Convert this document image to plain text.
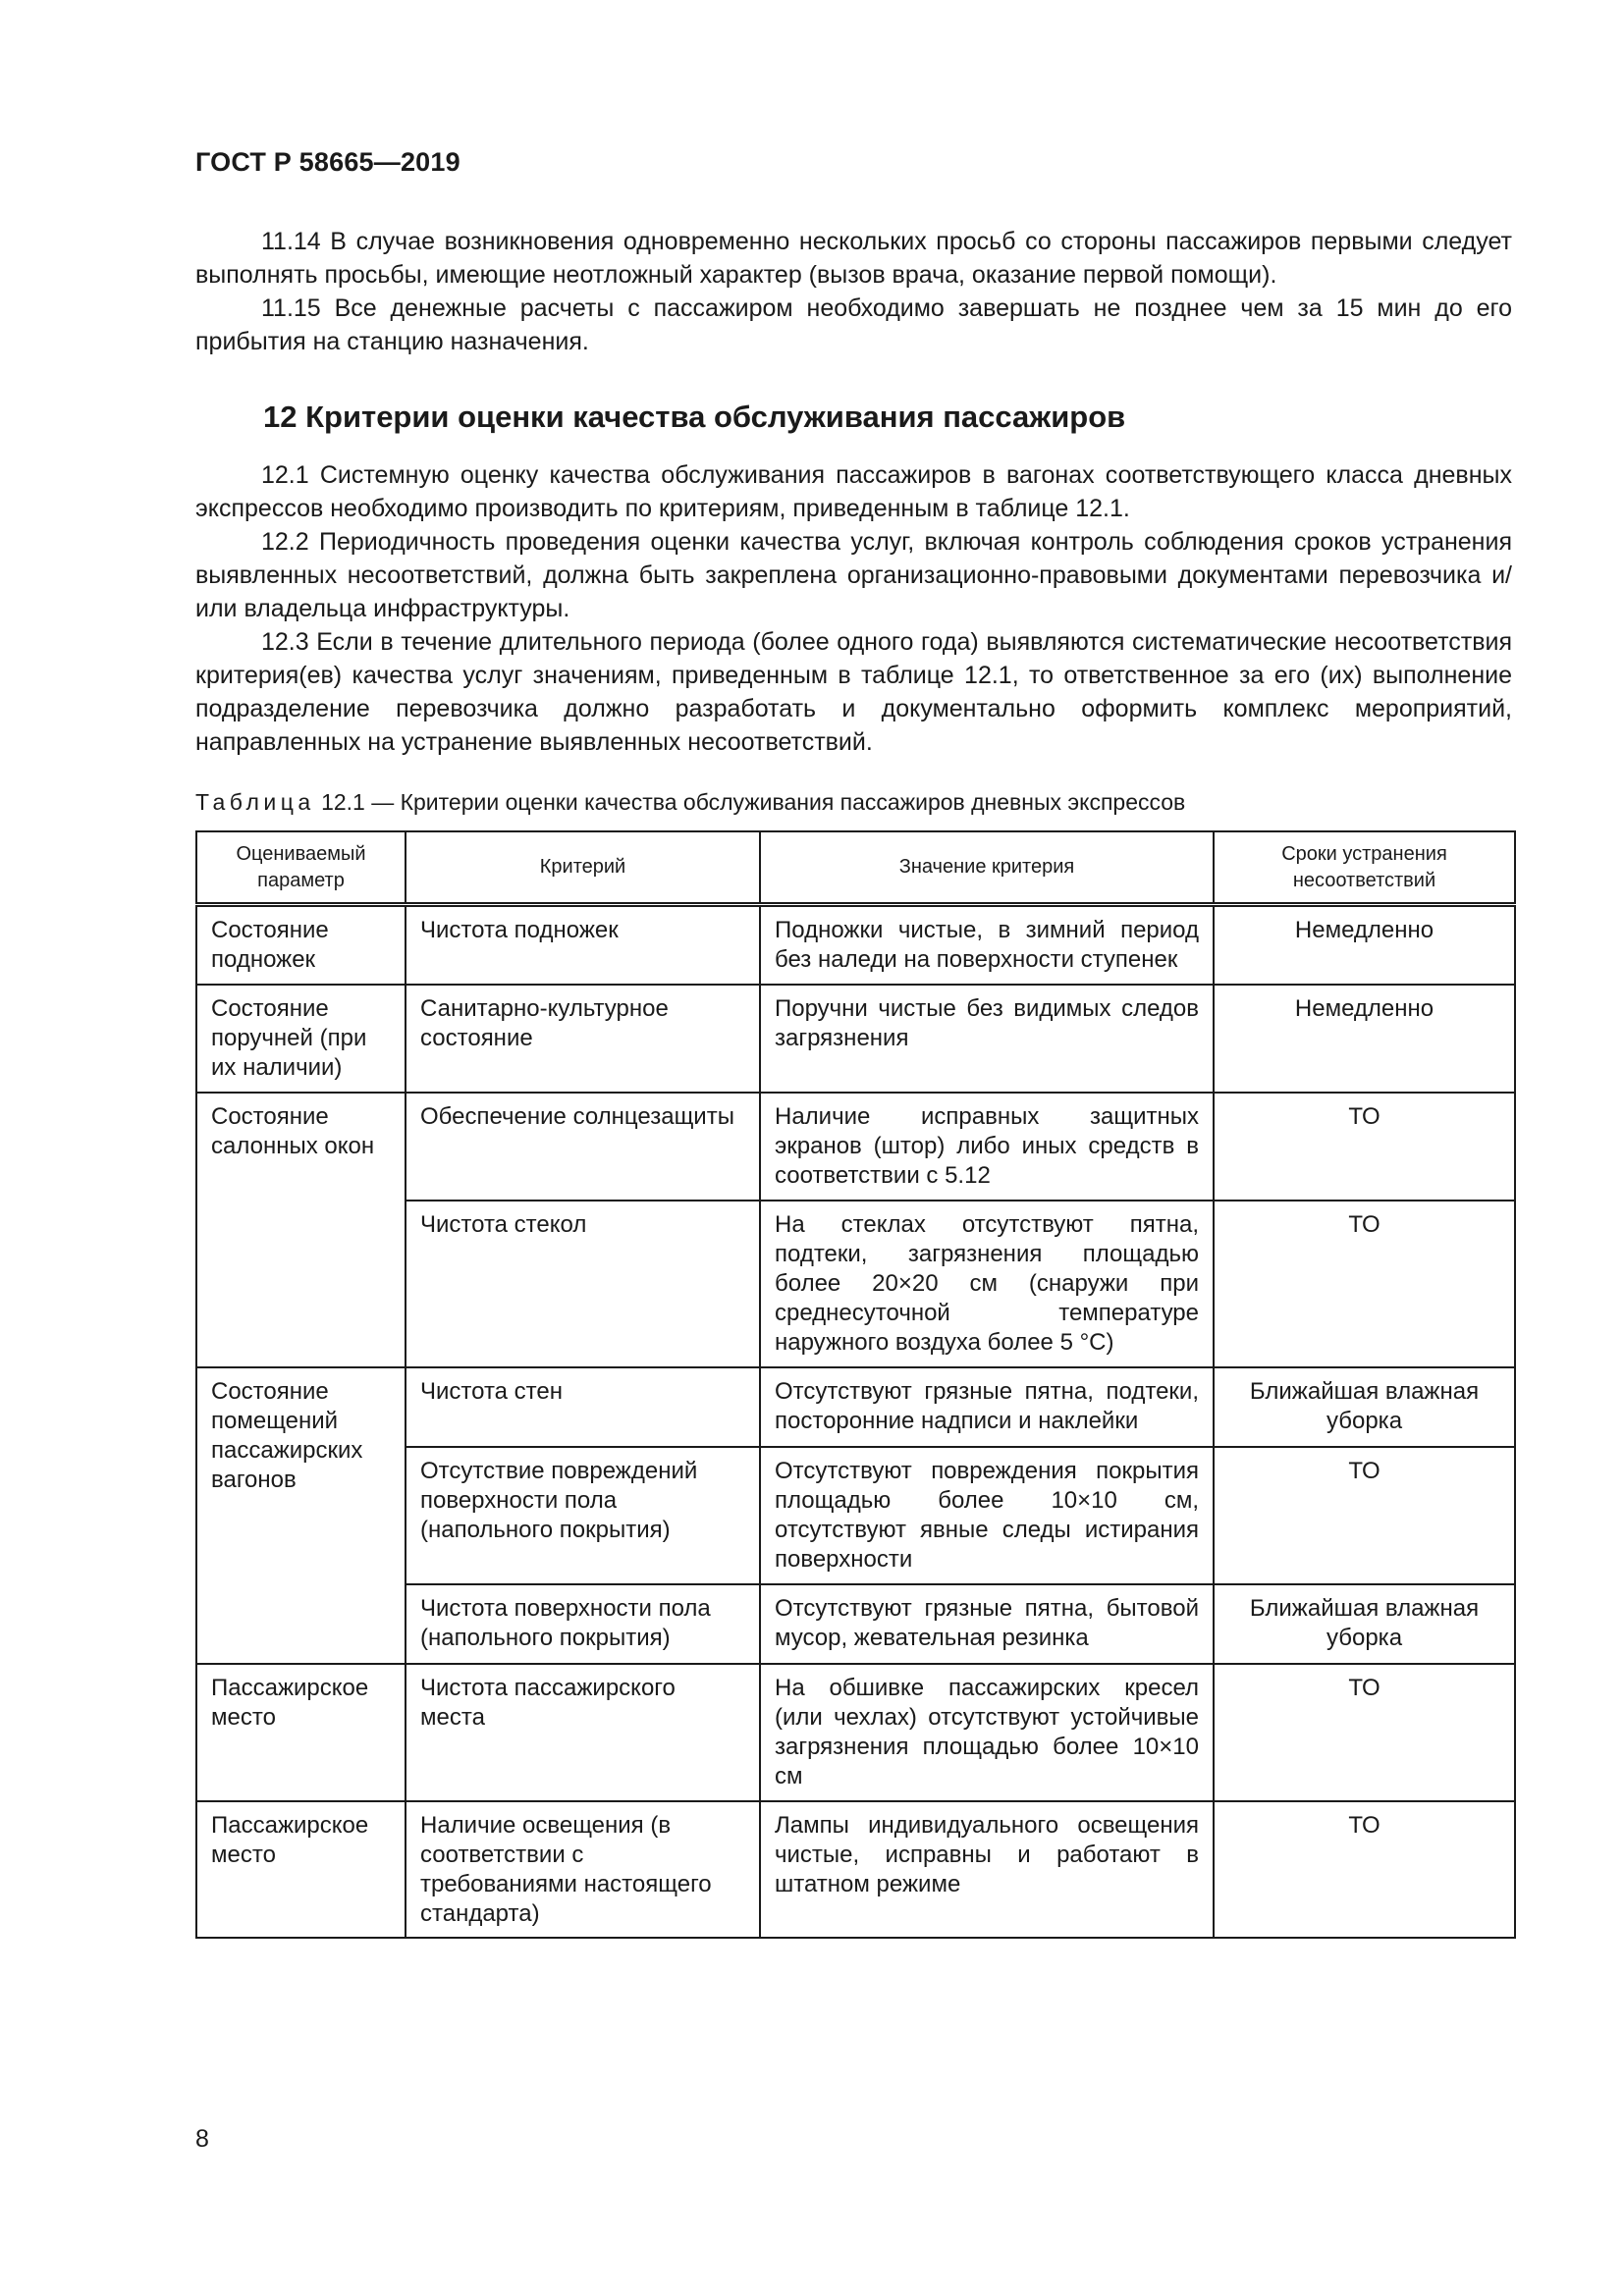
ГОСТ Р 58665—2019

11.14 В случае возникновения одновременно нескольких просьб со стороны пассажиров первыми следует выполнять просьбы, имеющие неотложный характер (вызов врача, оказание первой помощи).

11.15 Все денежные расчеты с пассажиром необходимо завершать не позднее чем за 15 мин до его прибытия на станцию назначения.

12 Критерии оценки качества обслуживания пассажиров

12.1 Системную оценку качества обслуживания пассажиров в вагонах соответствующего класса дневных экспрессов необходимо производить по критериям, приведенным в таблице 12.1.

12.2 Периодичность проведения оценки качества услуг, включая контроль соблюдения сроков устранения выявленных несоответствий, должна быть закреплена организационно-правовыми документами перевозчика и/или владельца инфраструктуры.

12.3 Если в течение длительного периода (более одного года) выявляются систематические несоответствия критерия(ев) качества услуг значениям, приведенным в таблице 12.1, то ответственное за его (их) выполнение подразделение перевозчика должно разработать и документально оформить комплекс мероприятий, направленных на устранение выявленных несоответствий.

Таблица 12.1 — Критерии оценки качества обслуживания пассажиров дневных экспрессов
Оцениваемый параметр	Критерий	Значение критерия	Сроки устранения несоответствий
Состояние подножек	Чистота подножек	Подножки чистые, в зимний период без наледи на поверхности ступенек	Немедленно
Состояние поручней (при их наличии)	Санитарно-культурное состояние	Поручни чистые без видимых следов загрязнения	Немедленно
Состояние салонных окон	Обеспечение солнцезащиты	Наличие исправных защитных экранов (штор) либо иных средств в соответствии с 5.12	ТО
	Чистота стекол	На стеклах отсутствуют пятна, подтеки, загрязнения площадью более 20×20 см (снаружи при среднесуточной температуре наружного воздуха более 5 °С)	ТО
Состояние помещений пассажирских вагонов	Чистота стен	Отсутствуют грязные пятна, подтеки, посторонние надписи и наклейки	Ближайшая влажная уборка
	Отсутствие повреждений поверхности пола (напольного покрытия)	Отсутствуют повреждения покрытия площадью более 10×10 см, отсутствуют явные следы истирания поверхности	ТО
	Чистота поверхности пола (напольного покрытия)	Отсутствуют грязные пятна, бытовой мусор, жевательная резинка	Ближайшая влажная уборка
Пассажирское место	Чистота пассажирского места	На обшивке пассажирских кресел (или чехлах) отсутствуют устойчивые загрязнения площадью более 10×10 см	ТО
Пассажирское место	Наличие освещения (в соответствии с требованиями настоящего стандарта)	Лампы индивидуального освещения чистые, исправны и работают в штатном режиме	ТО
8
